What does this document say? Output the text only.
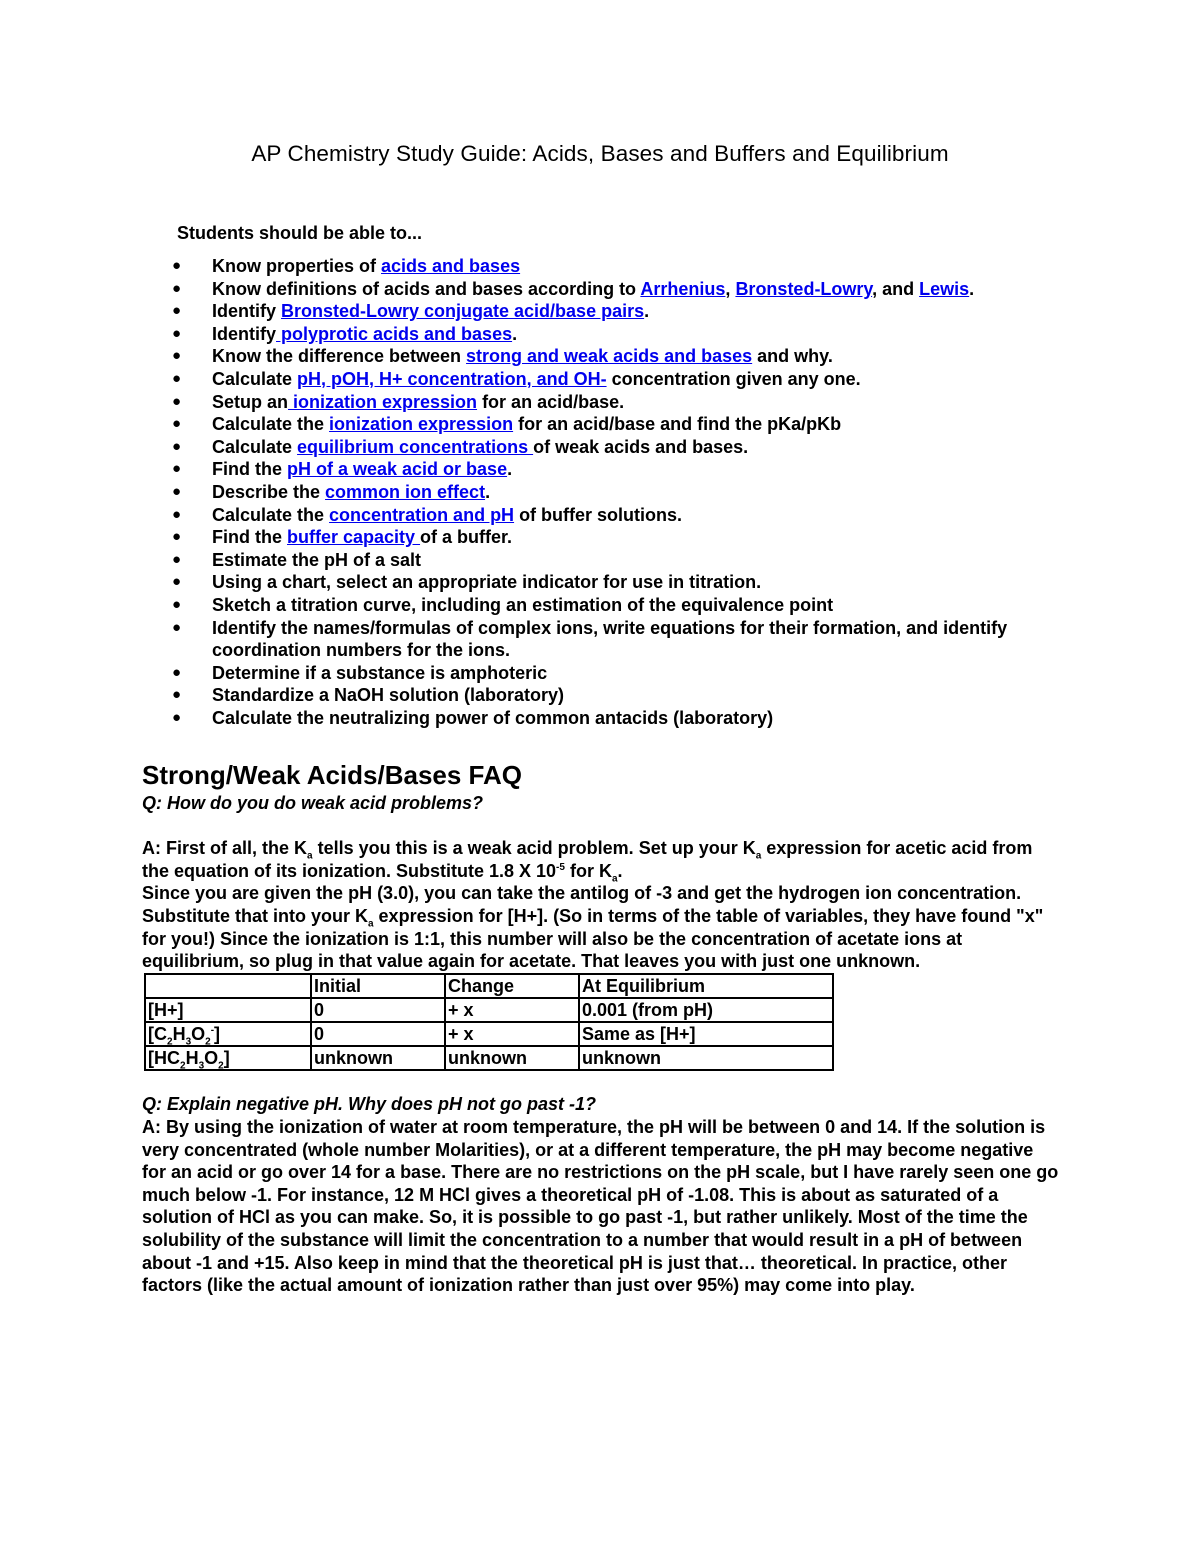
AP Chemistry Study Guide: Acids, Bases and Buffers and Equilibrium
Students should be able to...
●	Know properties of acids and bases
●	Know definitions of acids and bases according to Arrhenius, Bronsted-Lowry, and Lewis.
●	Identify Bronsted-Lowry conjugate acid/base pairs.
●	Identify polyprotic acids and bases.
●	Know the difference between strong and weak acids and bases and why.
●	Calculate pH, pOH, H+ concentration, and OH- concentration given any one.
●	Setup an ionization expression for an acid/base.
●	Calculate the ionization expression for an acid/base and find the pKa/pKb
●	Calculate equilibrium concentrations of weak acids and bases.
●	Find the pH of a weak acid or base.
●	Describe the common ion effect.
●	Calculate the concentration and pH of buffer solutions.
●	Find the buffer capacity of a buffer.
●	Estimate the pH of a salt
●	Using a chart, select an appropriate indicator for use in titration.
●	Sketch a titration curve, including an estimation of the equivalence point
●	Identify the names/formulas of complex ions, write equations for their formation, and identify coordination numbers for the ions.
●	Determine if a substance is amphoteric
●	Standardize a NaOH solution (laboratory)
●	Calculate the neutralizing power of common antacids (laboratory)
Strong/Weak Acids/Bases FAQ

Q: How do you do weak acid problems?

A: First of all, the $K_a$ tells you this is a weak acid problem. Set up your $K_a$ expression for acetic acid from the equation of its ionization. Substitute 1.8 X $10^{-5}$ for $K_a$.

Since you are given the pH (3.0), you can take the antilog of -3 and get the hydrogen ion concentration. Substitute that into your $K_a$ expression for [H+]. (So in terms of the table of variables, they have found "x" for you!) Since the ionization is 1:1, this number will also be the concentration of acetate ions at equilibrium, so plug in that value again for acetate. That leaves you with just one unknown.

	Initial	Change	At Equilibrium
[H+]	0	+ x	0.001 (from pH)
$[C_2H_3O_2^-]$	0	+ x	Same as [H+]
$[HC_2H_3O_2]$	unknown	unknown	unknown

Q: Explain negative pH. Why does pH not go past -1?

A: By using the ionization of water at room temperature, the pH will be between 0 and 14. If the solution is very concentrated (whole number Molarities), or at a different temperature, the pH may become negative for an acid or go over 14 for a base. There are no restrictions on the pH scale, but I have rarely seen one go much below -1. For instance, 12 M HCl gives a theoretical pH of -1.08. This is about as saturated of a solution of HCl as you can make. So, it is possible to go past -1, but rather unlikely. Most of the time the solubility of the substance will limit the concentration to a number that would result in a pH of between about -1 and +15. Also keep in mind that the theoretical pH is just that… theoretical. In practice, other factors (like the actual amount of ionization rather than just over 95%) may come into play.
